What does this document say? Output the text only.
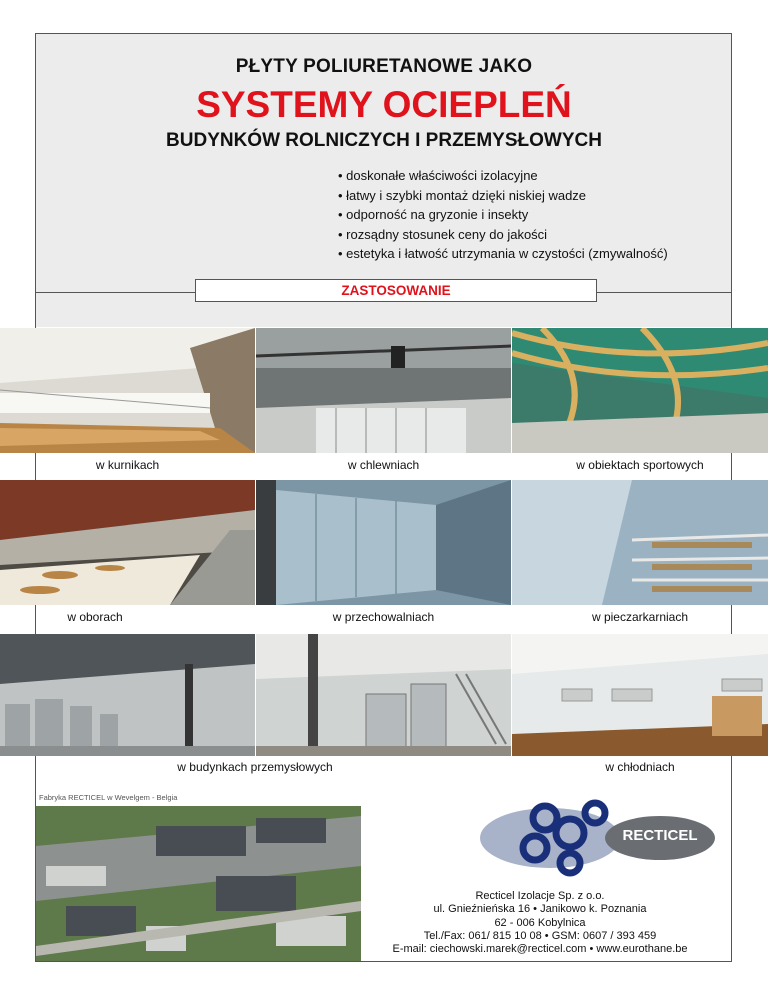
PŁYTY POLIURETANOWE JAKO
SYSTEMY OCIEPLEŃ
BUDYNKÓW ROLNICZYCH I PRZEMYSŁOWYCH
• doskonałe właściwości izolacyjne
• łatwy i szybki montaż dzięki niskiej wadze
• odporność na gryzonie i insekty
• rozsądny stosunek ceny do jakości
• estetyka i łatwość utrzymania w czystości (zmywalność)
ZASTOSOWANIE
w kurnikach	w chlewniach	w obiektach sportowych
w oborach	w przechowalniach	w pieczarkarniach
w budynkach przemysłowych	w chłodniach
Fabryka RECTICEL w Wevelgem - Belgia
RECTICEL
Recticel Izolacje Sp. z o.o.
ul. Gnieźnieńska 16 • Janikowo k. Poznania
62 - 006 Kobylnica
Tel./Fax: 061/ 815 10 08 • GSM: 0607 / 393 459
E-mail: ciechowski.marek@recticel.com • www.eurothane.be
